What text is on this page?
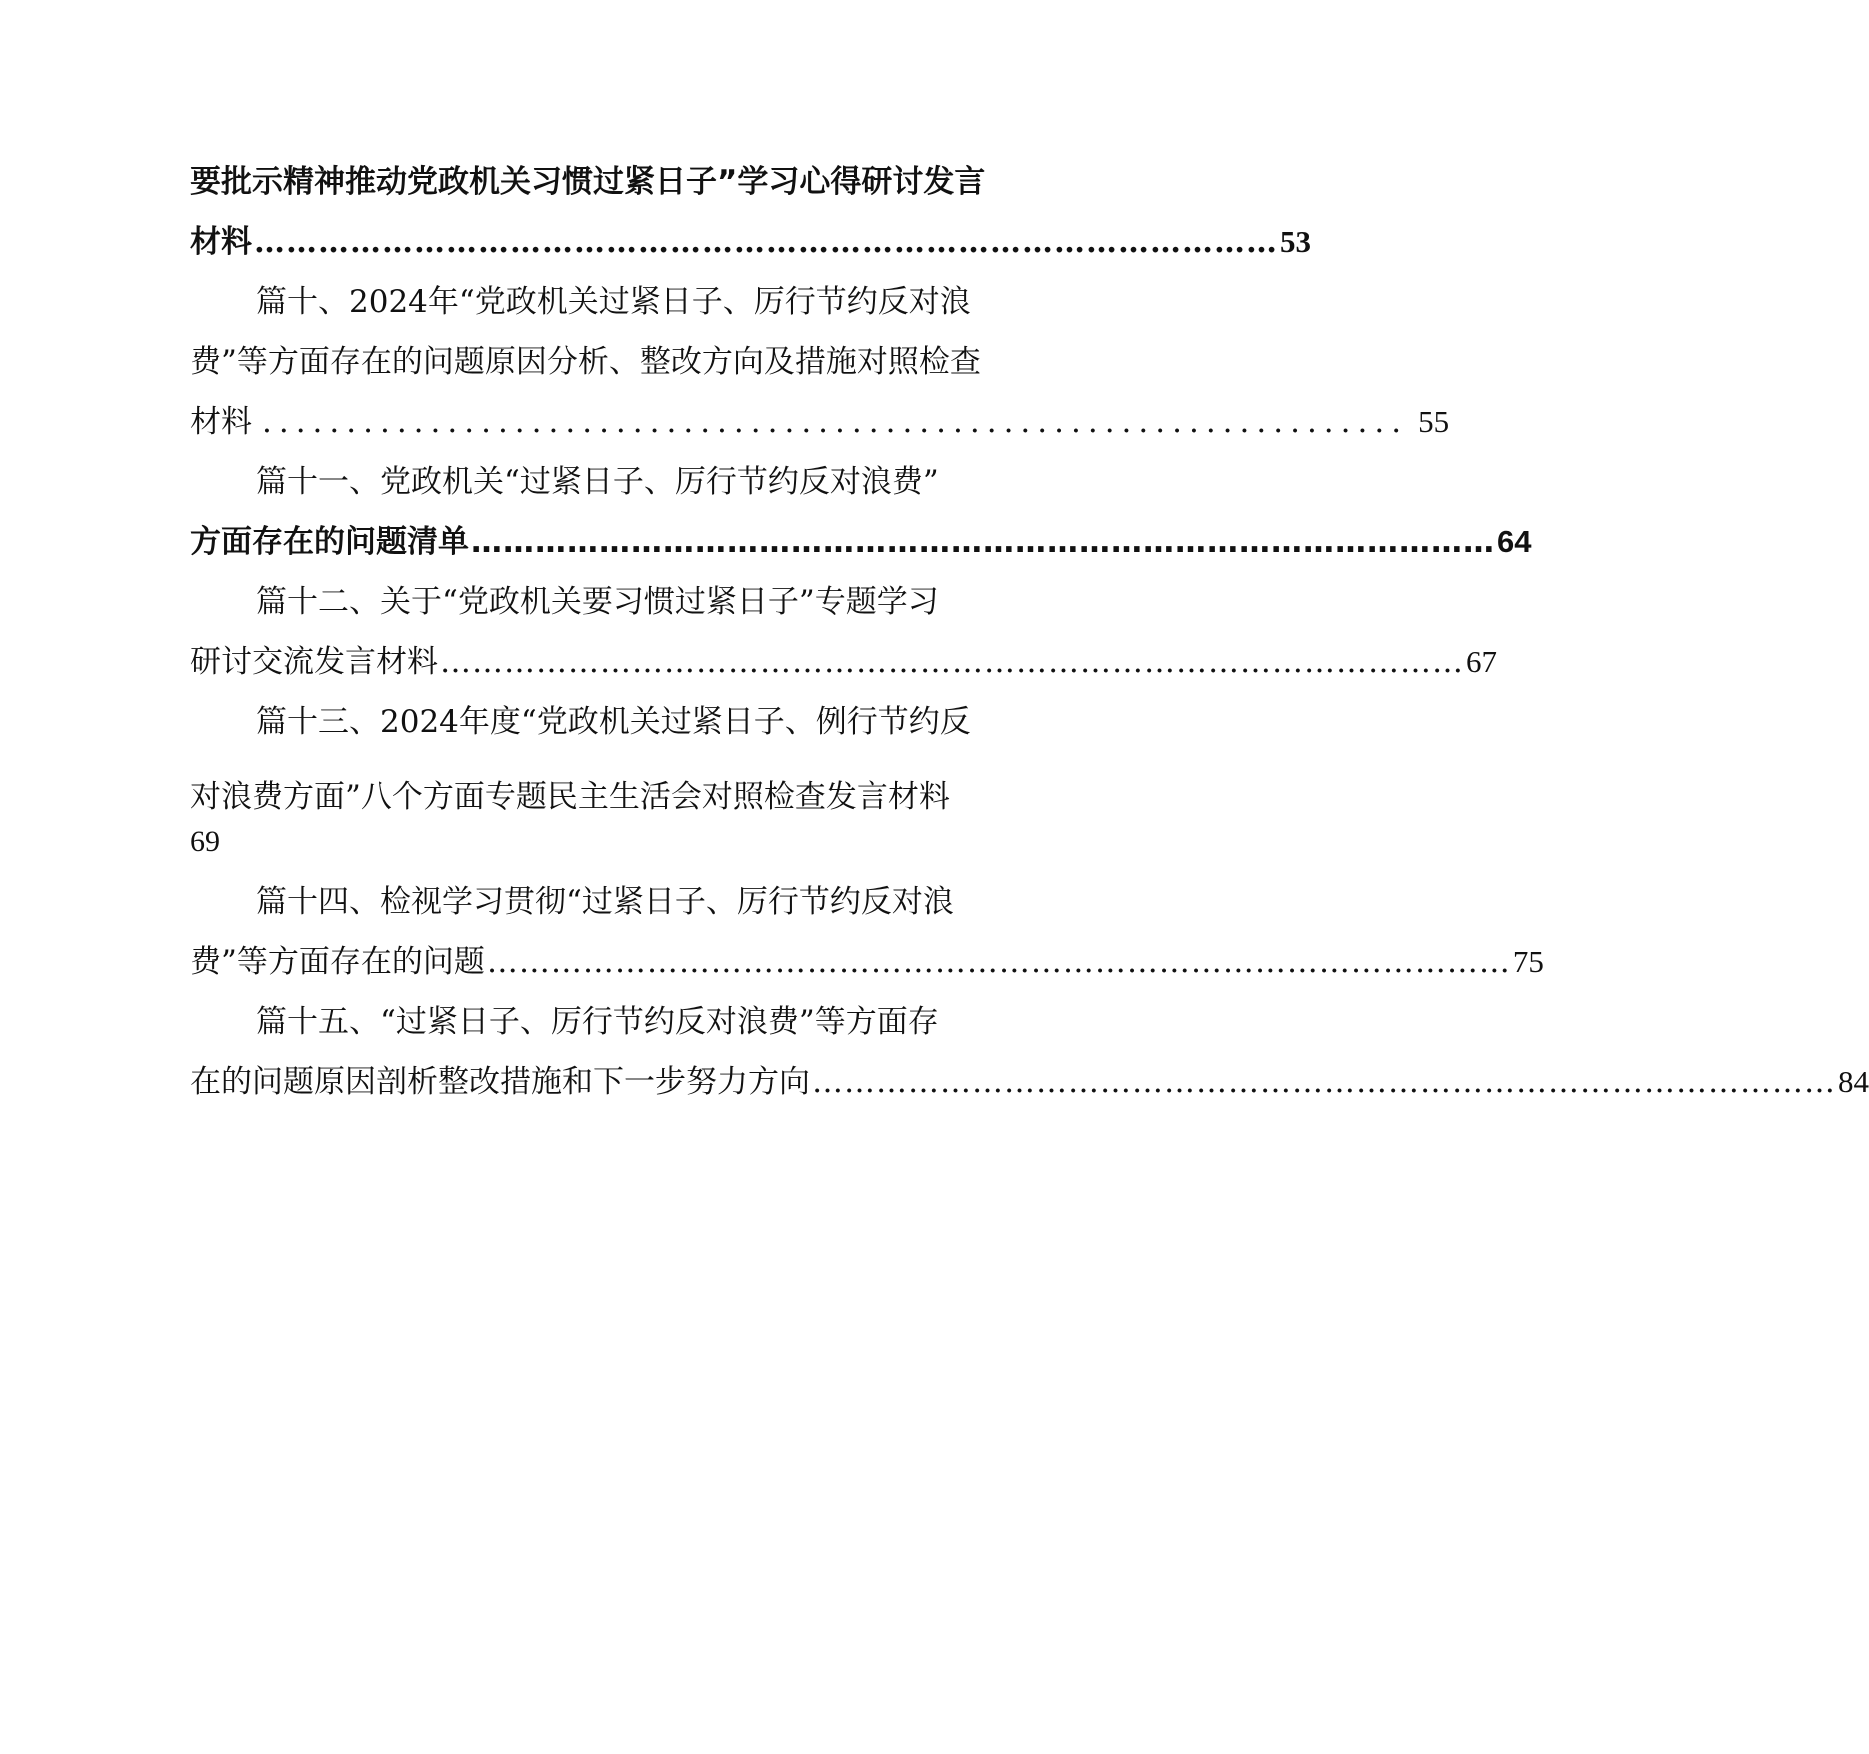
要批示精神推动党政机关习惯过紧日子”学习心得研讨发言
材料 …………………………………………………………………………………… 53
篇十、2024年“党政机关过紧日子、厉行节约反对浪
费”等方面存在的问题原因分析、整改方向及措施对照检查
材料 .................................................................... 55
篇十一、党政机关“过紧日子、厉行节约反对浪费”
方面存在的问题清单 …………………………………………………………………………………… 64
篇十二、关于“党政机关要习惯过紧日子”专题学习
研讨交流发言材料 …………………………………………………………………………………… 67
篇十三、2024年度“党政机关过紧日子、例行节约反
对浪费方面”八个方面专题民主生活会对照检查发言材料
69
篇十四、检视学习贯彻“过紧日子、厉行节约反对浪
费”等方面存在的问题 …………………………………………………………………………………… 75
篇十五、“过紧日子、厉行节约反对浪费”等方面存
在的问题原因剖析整改措施和下一步努力方向 …………………………………………………………………………………… 84
